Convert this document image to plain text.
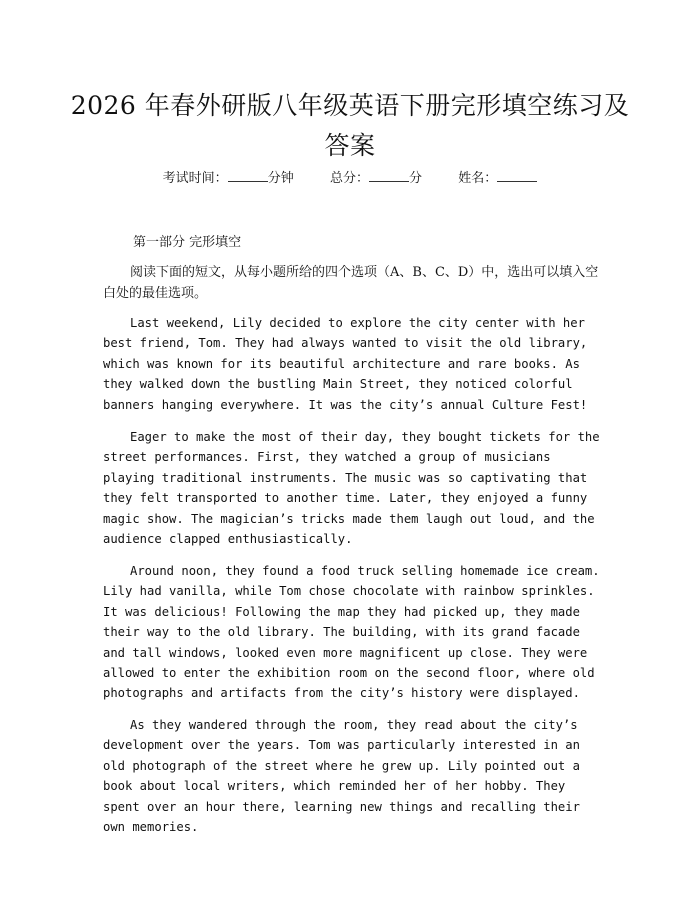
2026 年春外研版八年级英语下册完形填空练习及答案
考试时间：	分钟	总分：	分	姓名：
第一部分 完形填空

阅读下面的短文，从每小题所给的四个选项（A、B、C、D）中，选出可以填入空白处的最佳选项。

Last weekend, Lily decided to explore the city center with her best friend, Tom. They had always wanted to visit the old library, which was known for its beautiful architecture and rare books. As they walked down the bustling Main Street, they noticed colorful banners hanging everywhere. It was the city’s annual Culture Fest!

Eager to make the most of their day, they bought tickets for the street performances. First, they watched a group of musicians playing traditional instruments. The music was so captivating that they felt transported to another time. Later, they enjoyed a funny magic show. The magician’s tricks made them laugh out loud, and the audience clapped enthusiastically.

Around noon, they found a food truck selling homemade ice cream. Lily had vanilla, while Tom chose chocolate with rainbow sprinkles. It was delicious! Following the map they had picked up, they made their way to the old library. The building, with its grand facade and tall windows, looked even more magnificent up close. They were allowed to enter the exhibition room on the second floor, where old photographs and artifacts from the city’s history were displayed.

As they wandered through the room, they read about the city’s development over the years. Tom was particularly interested in an old photograph of the street where he grew up. Lily pointed out a book about local writers, which reminded her of her hobby. They spent over an hour there, learning new things and recalling their own memories.
